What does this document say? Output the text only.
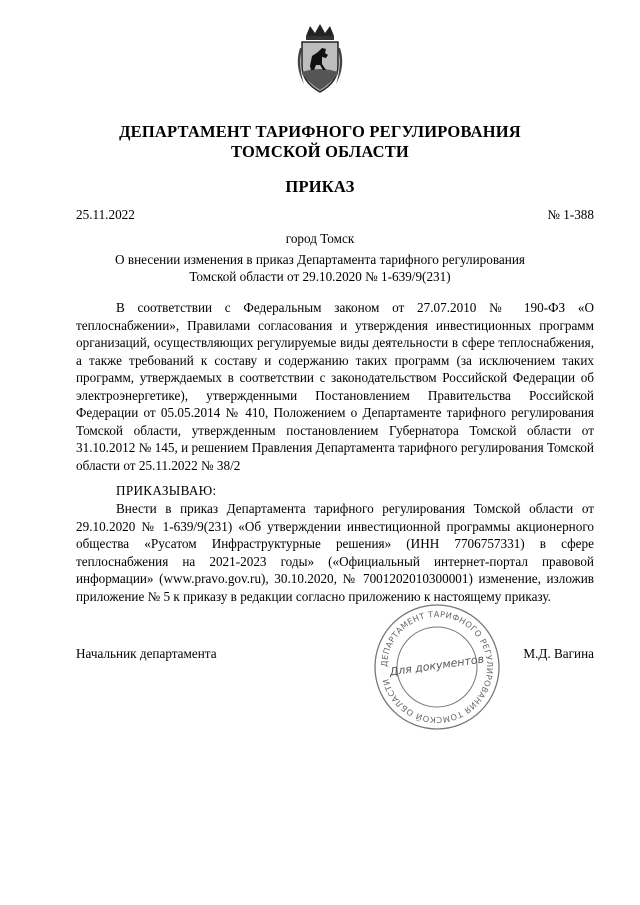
ДЕПАРТАМЕНТ ТАРИФНОГО РЕГУЛИРОВАНИЯ
ТОМСКОЙ ОБЛАСТИ
ПРИКАЗ
25.11.2022	№ 1-388
город Томск
О внесении изменения в приказ Департамента тарифного регулирования
Томской области от 29.10.2020 № 1-639/9(231)

В соответствии с Федеральным законом от 27.07.2010 № 190-ФЗ «О теплоснабжении», Правилами согласования и утверждения инвестиционных программ организаций, осуществляющих регулируемые виды деятельности в сфере теплоснабжения, а также требований к составу и содержанию таких программ (за исключением таких программ, утверждаемых в соответствии с законодательством Российской Федерации об электроэнергетике), утвержденными Постановлением Правительства Российской Федерации от 05.05.2014 № 410, Положением о Департаменте тарифного регулирования Томской области, утвержденным постановлением Губернатора Томской области от 31.10.2012 № 145, и решением Правления Департамента тарифного регулирования Томской области от 25.11.2022 № 38/2

ПРИКАЗЫВАЮ:

Внести в приказ Департамента тарифного регулирования Томской области от 29.10.2020 № 1-639/9(231) «Об утверждении инвестиционной программы акционерного общества «Русатом Инфраструктурные решения» (ИНН 7706757331) в сфере теплоснабжения на 2021-2023 годы» («Официальный интернет-портал правовой информации» (www.pravo.gov.ru), 30.10.2020, № 7001202010300001) изменение, изложив приложение № 5 к приказу в редакции согласно приложению к настоящему приказу.

Начальник департамента	М.Д. Вагина
ДЕПАРТАМЕНТ ТАРИФНОГО РЕГУЛИРОВАНИЯ ТОМСКОЙ ОБЛАСТИ
Для документов
